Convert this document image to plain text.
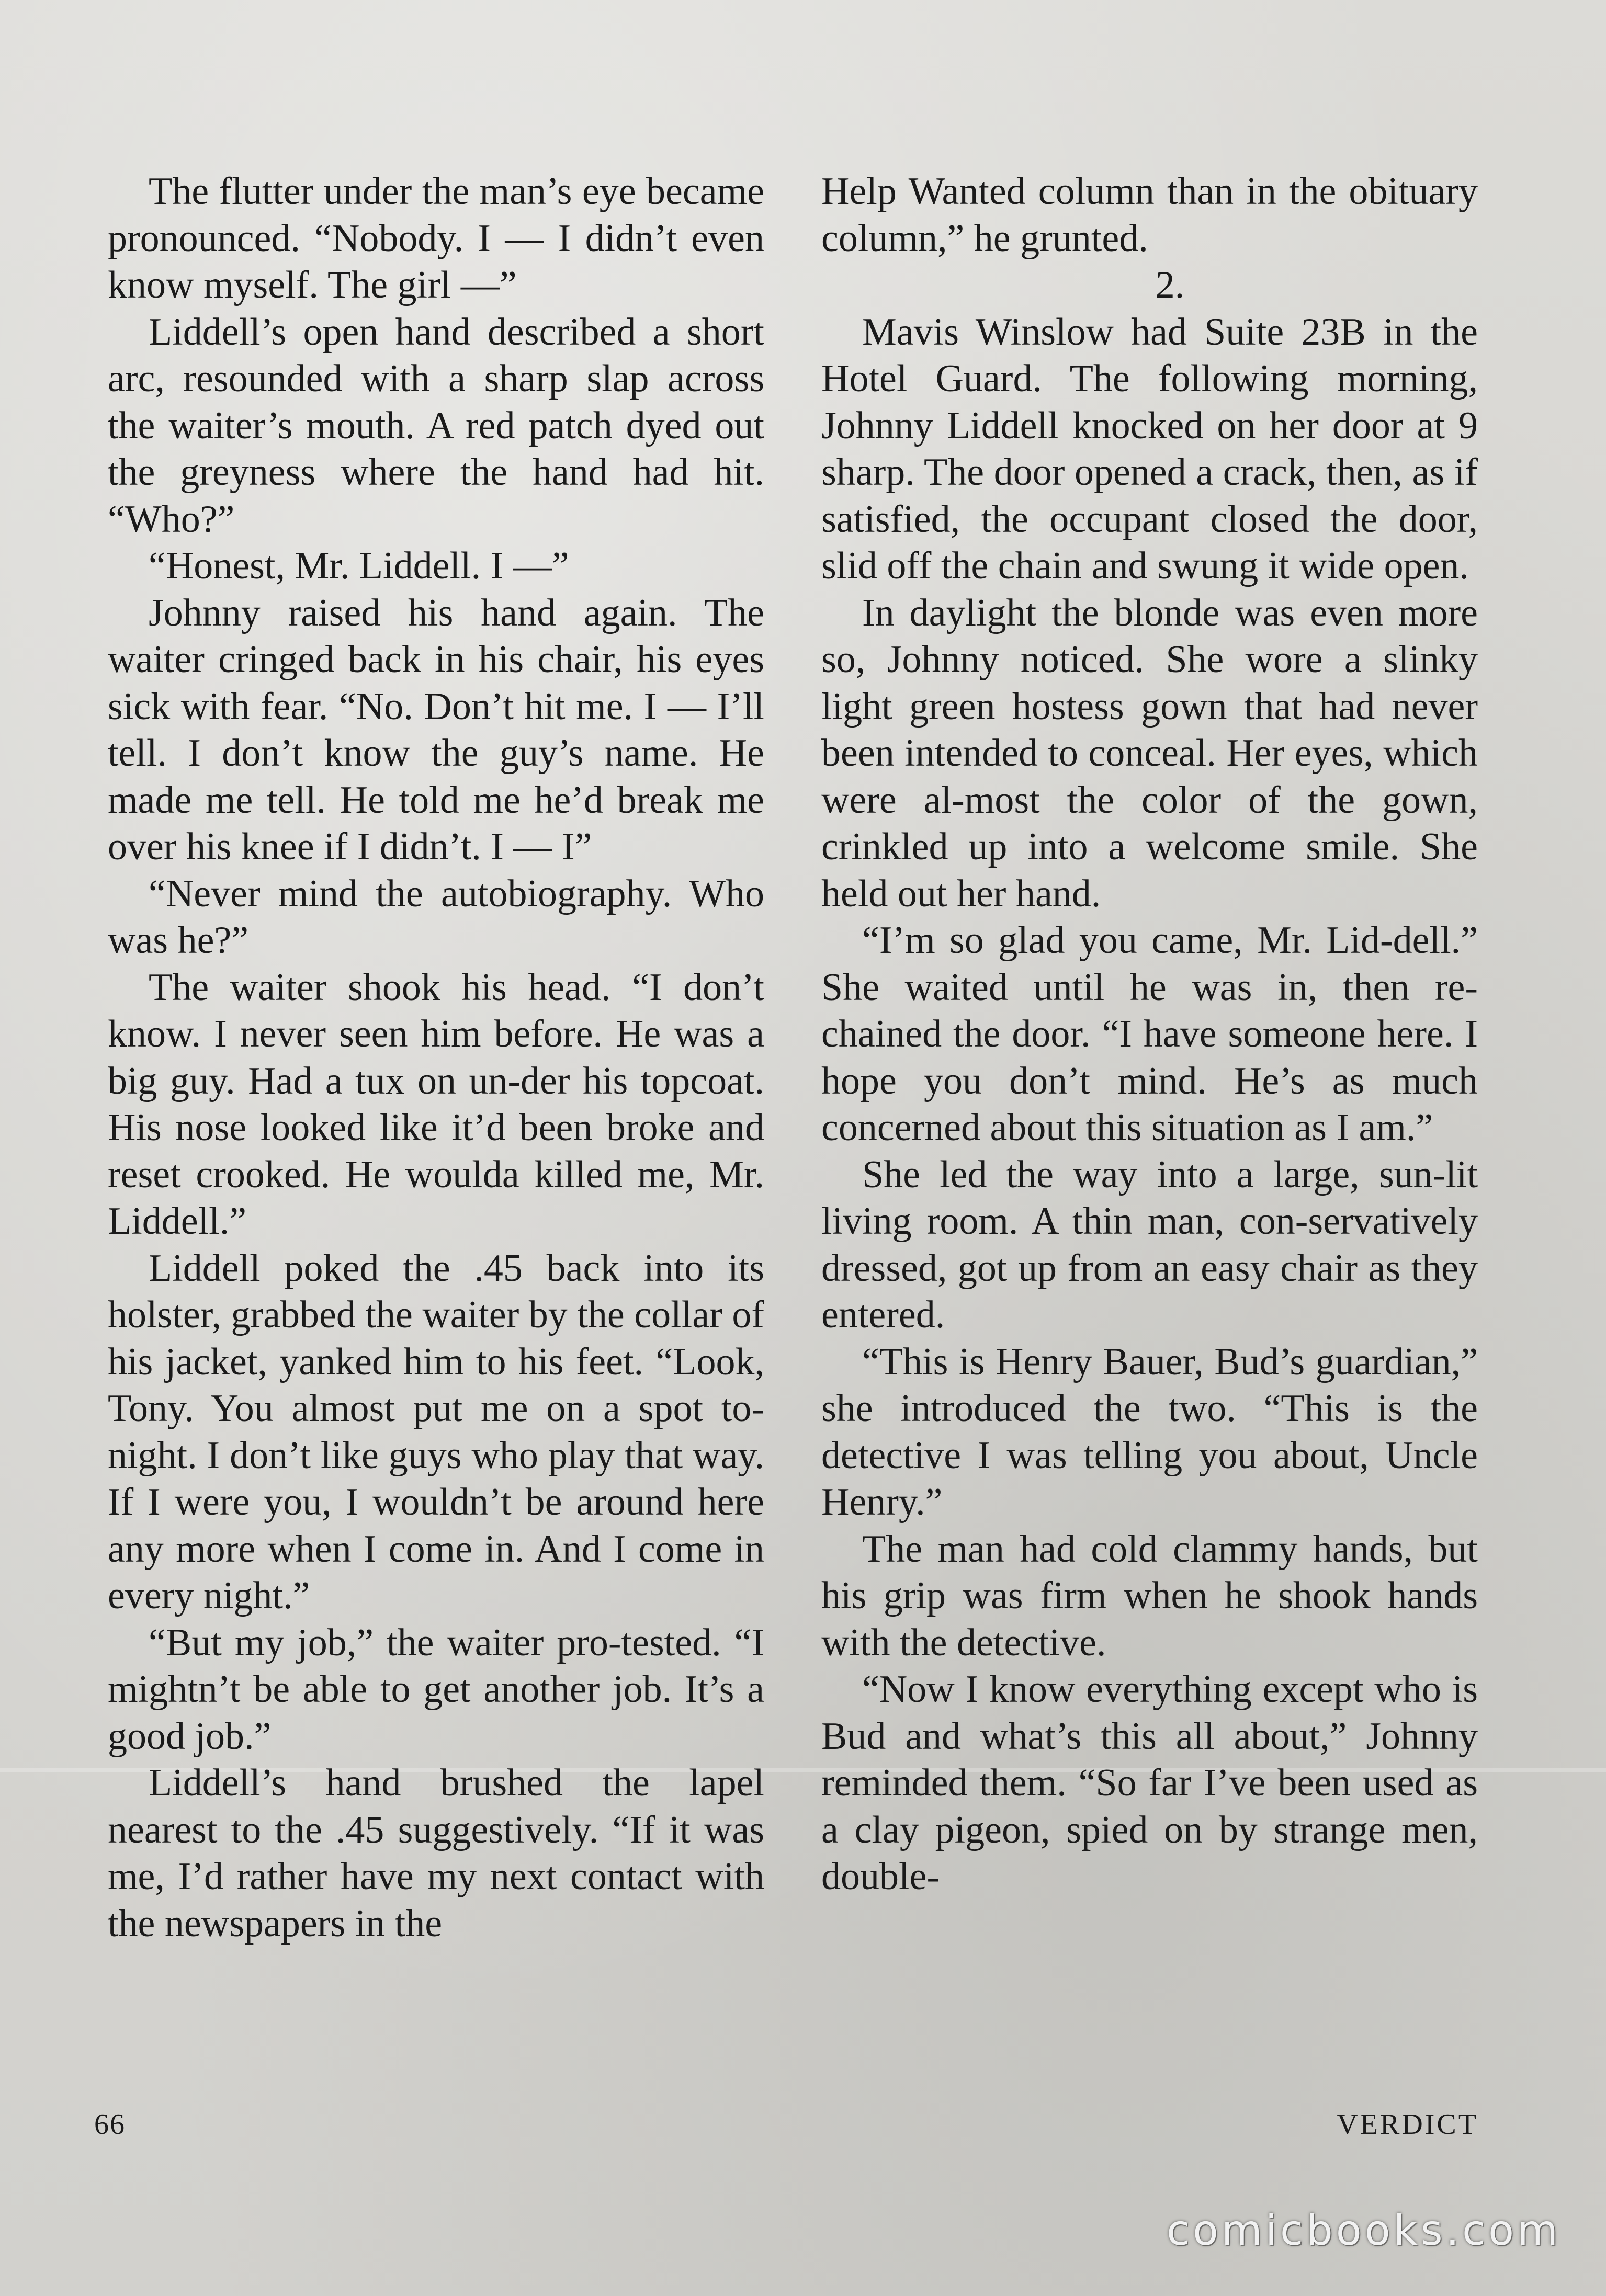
The flutter under the man’s eye became pronounced. “Nobody. I — I didn’t even know myself. The girl —”

Liddell’s open hand described a short arc, resounded with a sharp slap across the waiter’s mouth. A red patch dyed out the greyness where the hand had hit. “Who?”

“Honest, Mr. Liddell. I —”

Johnny raised his hand again. The waiter cringed back in his chair, his eyes sick with fear. “No. Don’t hit me. I — I’ll tell. I don’t know the guy’s name. He made me tell. He told me he’d break me over his knee if I didn’t. I — I”

“Never mind the autobiography. Who was he?”

The waiter shook his head. “I don’t know. I never seen him before. He was a big guy. Had a tux on un-der his topcoat. His nose looked like it’d been broke and reset crooked. He woulda killed me, Mr. Liddell.”

Liddell poked the .45 back into its holster, grabbed the waiter by the collar of his jacket, yanked him to his feet. “Look, Tony. You almost put me on a spot to-night. I don’t like guys who play that way. If I were you, I wouldn’t be around here any more when I come in. And I come in every night.”

“But my job,” the waiter pro-tested. “I mightn’t be able to get another job. It’s a good job.”

Liddell’s hand brushed the lapel nearest to the .45 suggestively. “If it was me, I’d rather have my next contact with the newspapers in the

Help Wanted column than in the obituary column,” he grunted.

2.

Mavis Winslow had Suite 23B in the Hotel Guard. The following morning, Johnny Liddell knocked on her door at 9 sharp. The door opened a crack, then, as if satisfied, the occupant closed the door, slid off the chain and swung it wide open.

In daylight the blonde was even more so, Johnny noticed. She wore a slinky light green hostess gown that had never been intended to conceal. Her eyes, which were al-most the color of the gown, crinkled up into a welcome smile. She held out her hand.

“I’m so glad you came, Mr. Lid-dell.” She waited until he was in, then re-chained the door. “I have someone here. I hope you don’t mind. He’s as much concerned about this situation as I am.”

She led the way into a large, sun-lit living room. A thin man, con-servatively dressed, got up from an easy chair as they entered.

“This is Henry Bauer, Bud’s guardian,” she introduced the two. “This is the detective I was telling you about, Uncle Henry.”

The man had cold clammy hands, but his grip was firm when he shook hands with the detective.

“Now I know everything except who is Bud and what’s this all about,” Johnny reminded them. “So far I’ve been used as a clay pigeon, spied on by strange men, double-

66	VERDICT
comicbooks.com
